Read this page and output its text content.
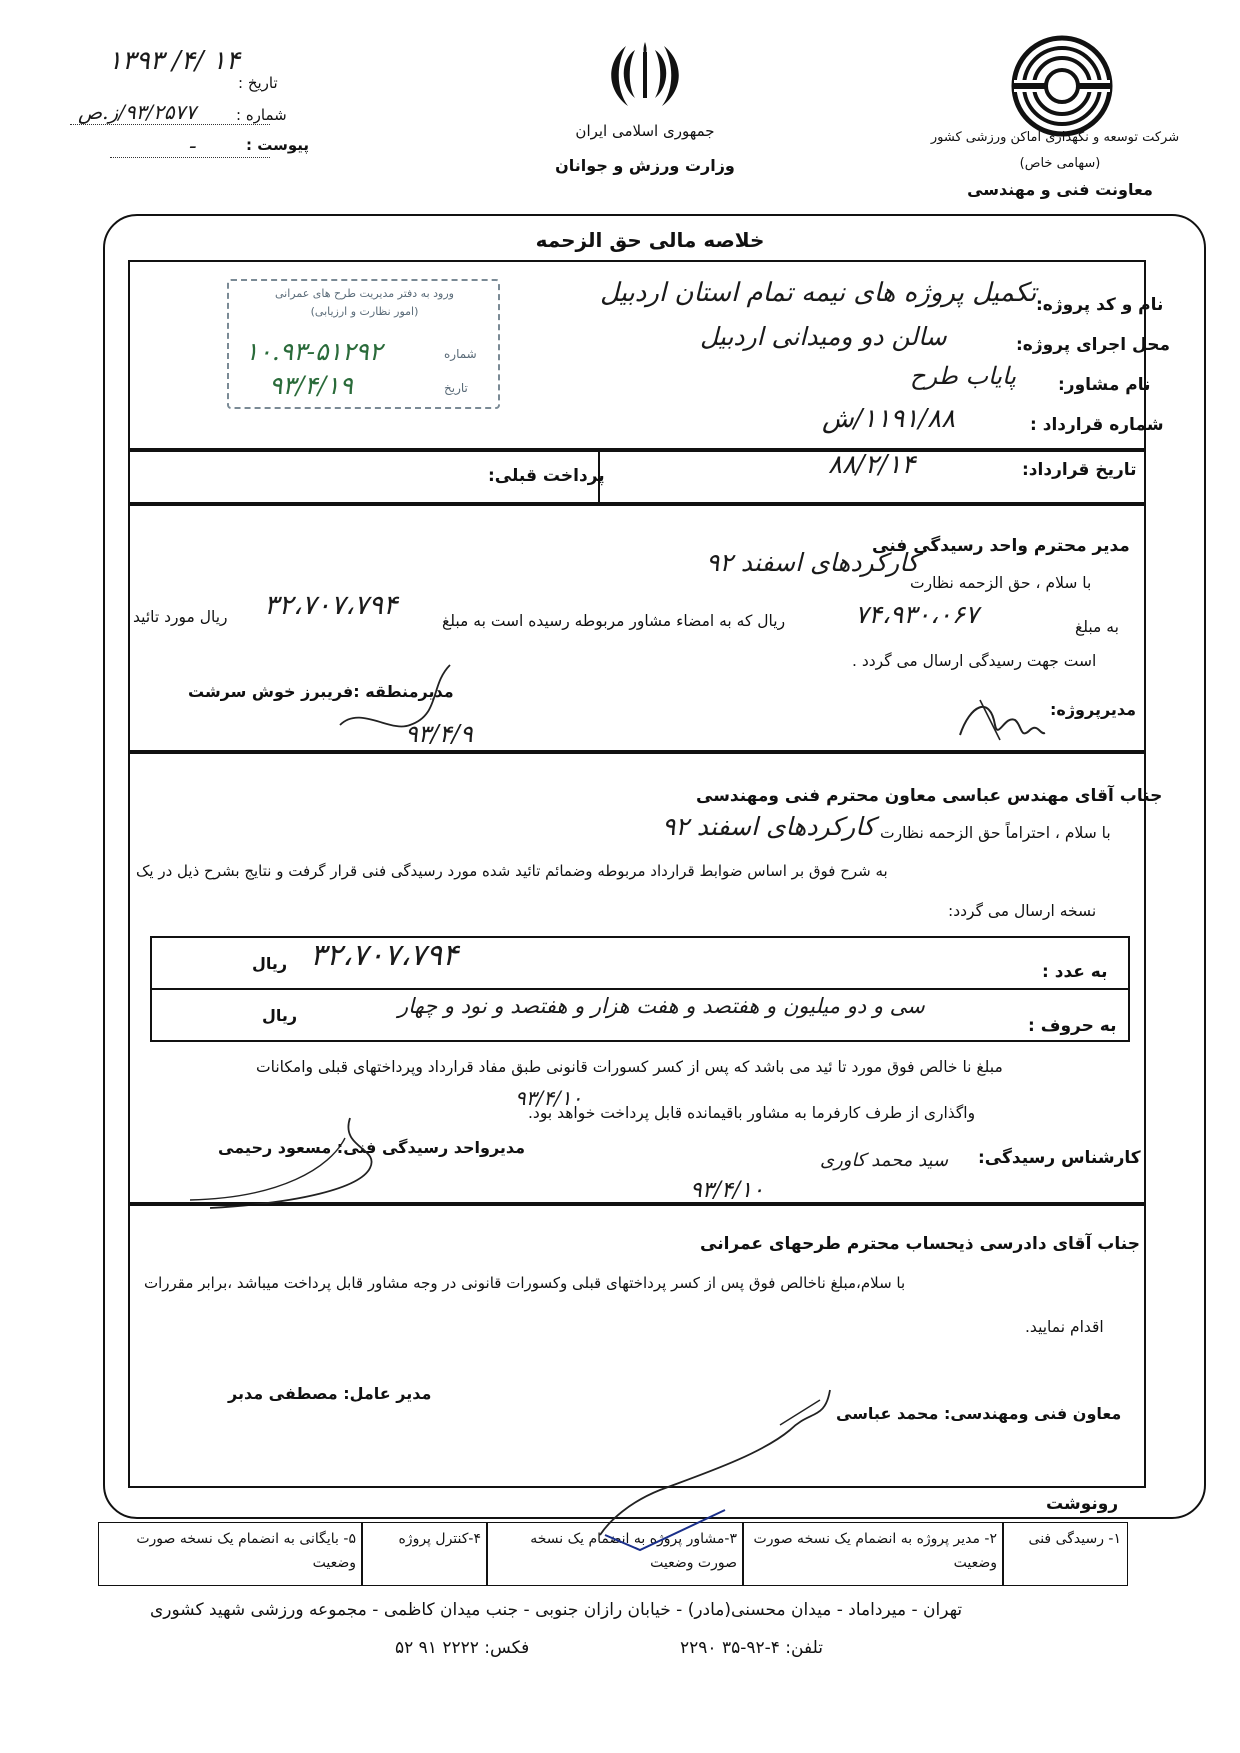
تاریخ :
۱۳۹۳ /۴/ ۱۴
شماره :
۹۳/۲۵۷۷/ز.ص
پیوست :
ـ
جمهوری اسلامی ایران
وزارت ورزش و جوانان
شرکت توسعه و نگهداری اماکن ورزشی کشور
(سهامی خاص)
معاونت فنی و مهندسی
خلاصه مالی حق الزحمه
نام و کد پروژه:
تکمیل پروژه های نیمه تمام استان اردبیل
محل اجرای پروژه:
سالن دو ومیدانی اردبیل
نام مشاور:
پایاب طرح
شماره قرارداد :
۱۱۹۱/۸۸/ش
تاریخ قرارداد:
۸۸/۲/۱۴
پرداخت قبلی:
ورود به دفتر مدیریت طرح های عمرانی
(امور نظارت و ارزیابی)
شماره
۱۰.۹۳-۵۱۲۹۲
تاریخ
۹۳/۴/۱۹
مدیر محترم واحد رسیدگی فنی
با سلام ، حق الزحمه نظارت
کارکردهای اسفند ۹۲
به مبلغ
۷۴،۹۳۰،۰۶۷
ریال که به امضاء مشاور مربوطه رسیده است به مبلغ
۳۲،۷۰۷،۷۹۴
ریال مورد تائید
است جهت رسیدگی ارسال می گردد .
مدیرپروژه:
مدیرمنطقه :فریبرز خوش سرشت
۹۳/۴/۹
جناب آقای مهندس عباسی معاون محترم فنی ومهندسی
با سلام ، احتراماً حق الزحمه نظارت
کارکردهای اسفند ۹۲
به شرح فوق بر اساس ضوابط قرارداد مربوطه وضمائم تائید شده مورد رسیدگی فنی قرار گرفت و نتایج بشرح ذیل در یک
نسخه ارسال می گردد:
به عدد :
۳۲،۷۰۷،۷۹۴
ریال
به حروف :
سی و دو میلیون و هفتصد و هفت هزار و هفتصد و نود و چهار
ریال
مبلغ نا خالص فوق مورد تا ئید می باشد که پس از کسر کسورات قانونی طبق مفاد قرارداد وپرداختهای قبلی وامکانات
واگذاری از طرف کارفرما به مشاور باقیمانده قابل پرداخت خواهد بود.
۹۳/۴/۱۰
کارشناس رسیدگی:
سید محمد کاوری
۹۳/۴/۱۰
مدیرواحد رسیدگی فنی: مسعود رحیمی
جناب آقای دادرسی ذیحساب محترم طرحهای عمرانی
با سلام،مبلغ ناخالص فوق پس از کسر پرداختهای قبلی وکسورات قانونی در وجه مشاور قابل پرداخت میباشد ،برابر مقررات
اقدام نمایید.
معاون فنی ومهندسی: محمد عباسی
مدیر عامل: مصطفی مدبر
رونوشت
۱- رسیدگی فنی
۲- مدیر پروژه به انضمام یک نسخه صورت وضعیت
۳-مشاور پروژه به انضمام یک نسخه صورت وضعیت
۴-کنترل پروژه
۵- بایگانی به انضمام یک نسخه صورت وضعیت
تهران - میرداماد - میدان محسنی(مادر) - خیابان رازان جنوبی - جنب میدان کاظمی - مجموعه ورزشی شهید کشوری
تلفن: ۴-۹۲-۳۵ ۲۲۹۰
فکس: ۲۲۲۲ ۹۱ ۵۲
